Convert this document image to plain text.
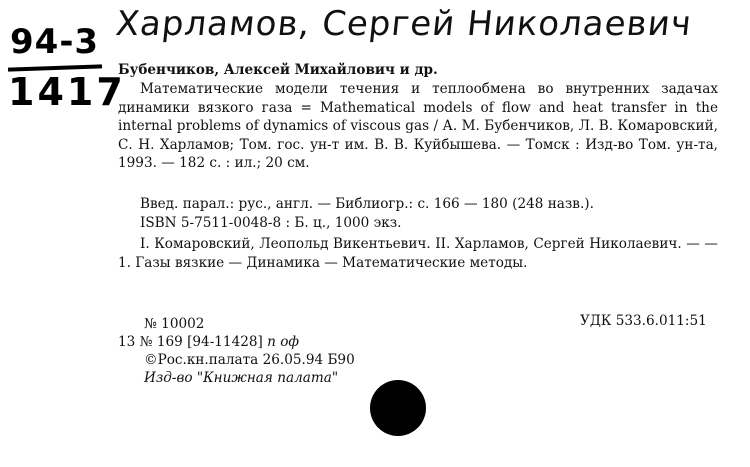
94-3
1417
Харламов, Сергей Николаевич
Бубенчиков, Алексей Михайлович и др.
Математические модели течения и теплообмена во внутренних задачах динамики вязкого газа = Mathematical models of flow and heat transfer in the internal problems of dynamics of viscous gas / А. М. Бубенчиков, Л. В. Комаровский, С. Н. Харламов; Том. гос. ун-т им. В. В. Куйбышева. — Томск : Изд-во Том. ун-та, 1993. — 182 с. : ил.; 20 см.
Введ. парал.: рус., англ. — Библиогр.: с. 166 — 180 (248 назв.).
ISBN 5-7511-0048-8 : Б. ц., 1000 экз.
I. Комаровский, Леопольд Викентьевич. II. Харламов, Сергей Николаевич. — — 1. Газы вязкие — Динамика — Математические методы.
№ 10002
13 № 169 [94-11428] п оф
©Рос.кн.палата 26.05.94 Б90
Изд-во "Книжная палата"
УДК 533.6.011:51
